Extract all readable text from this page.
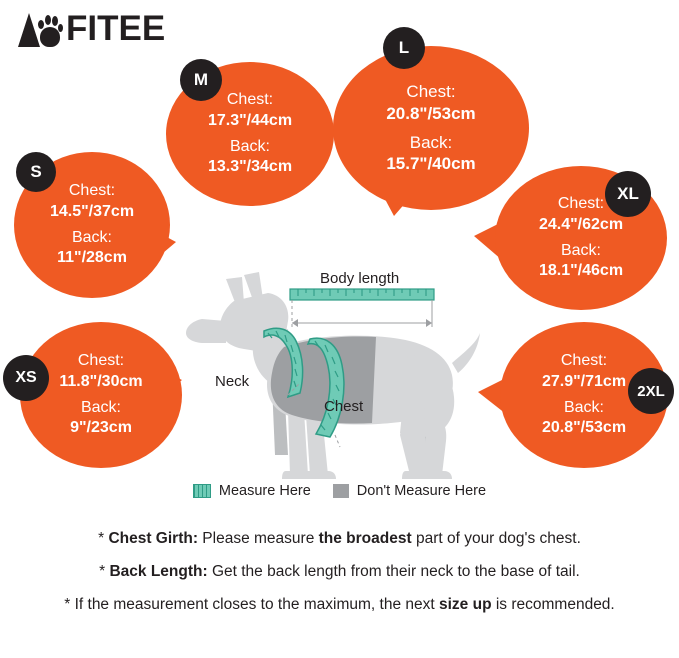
FITEE
Body length
Neck
Chest
Chest:
14.5"/37cm
Back:
11"/28cm
S
Chest:
17.3"/44cm
Back:
13.3"/34cm
M
Chest:
20.8"/53cm
Back:
15.7"/40cm
L
Chest:
24.4"/62cm
Back:
18.1"/46cm
XL
Chest:
11.8"/30cm
Back:
9"/23cm
XS
Chest:
27.9"/71cm
Back:
20.8"/53cm
2XL
Measure Here	Don't Measure Here

* Chest Girth: Please measure the broadest part of your dog's chest.

* Back Length: Get the back length from their neck to the base of tail.

* If the measurement closes to the maximum, the next size up is recommended.
